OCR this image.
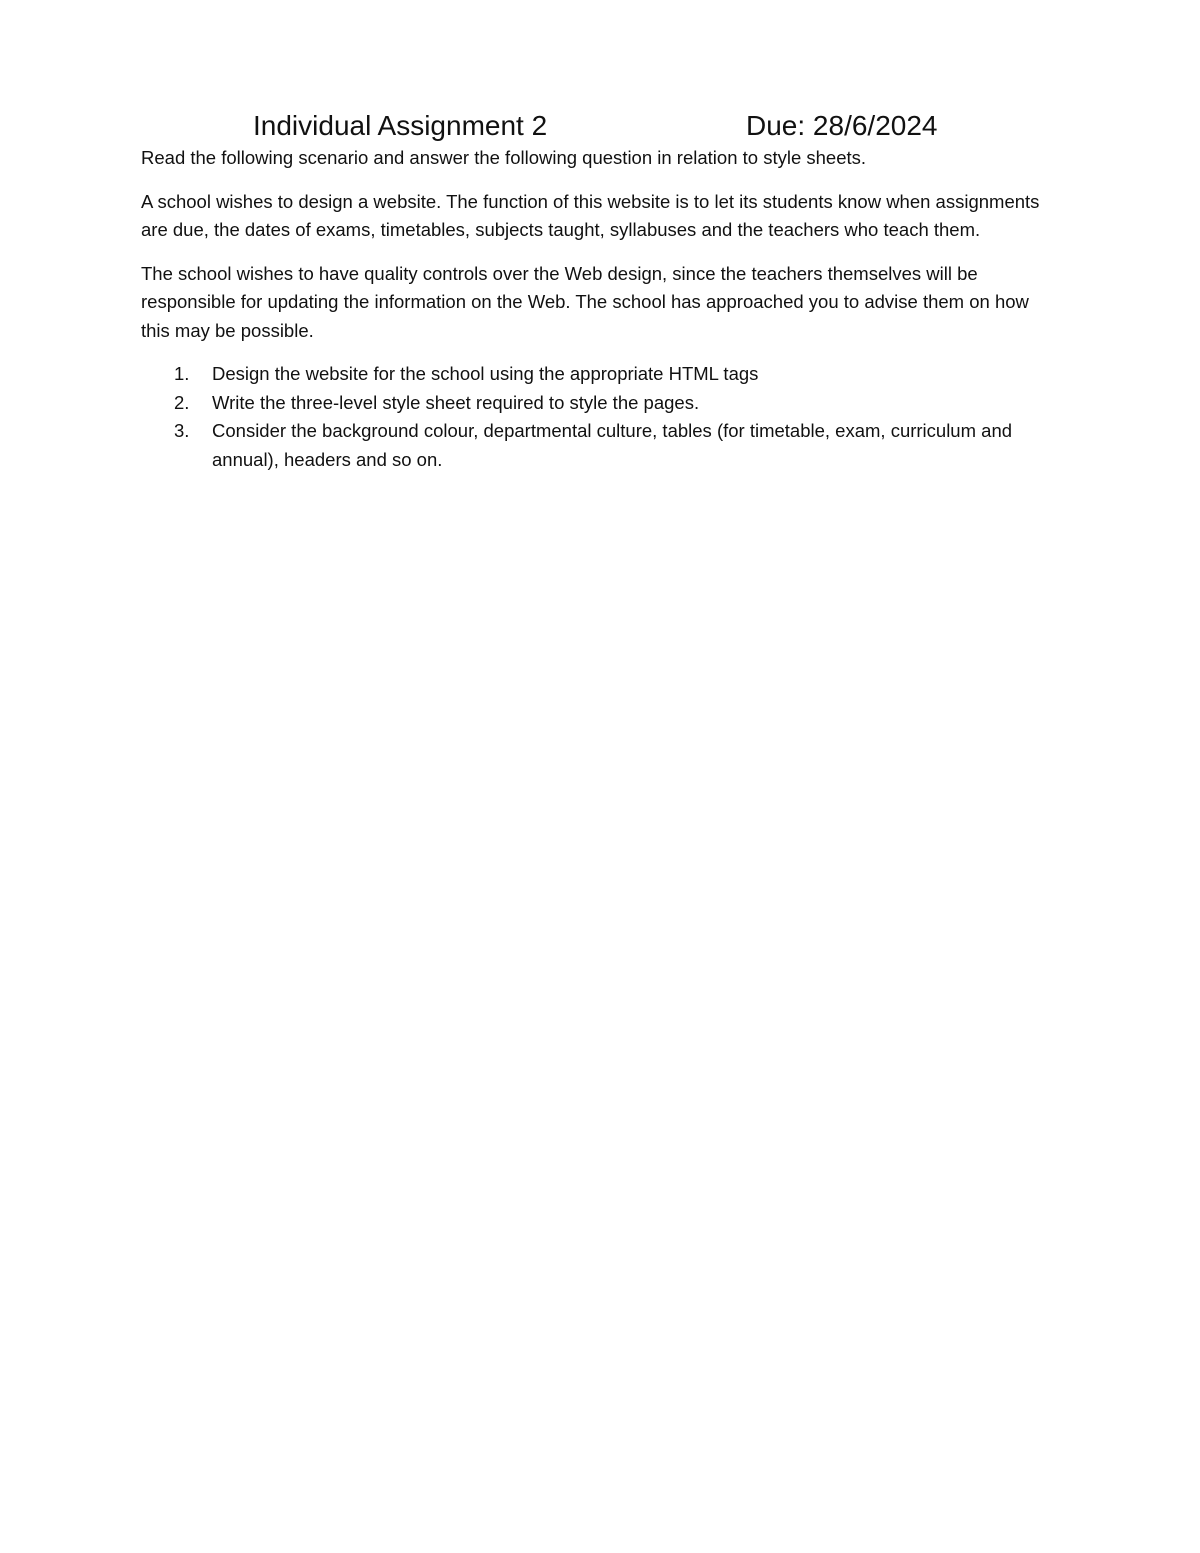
Individual Assignment 2	Due: 28/6/2024

Read the following scenario and answer the following question in relation to style sheets.

A school wishes to design a website. The function of this website is to let its students know when assignments are due, the dates of exams, timetables, subjects taught, syllabuses and the teachers who teach them.

The school wishes to have quality controls over the Web design, since the teachers themselves will be responsible for updating the information on the Web. The school has approached you to advise them on how this may be possible.

1. Design the website for the school using the appropriate HTML tags
2. Write the three-level style sheet required to style the pages.
3. Consider the background colour, departmental culture, tables (for timetable, exam, curriculum and annual), headers and so on.
